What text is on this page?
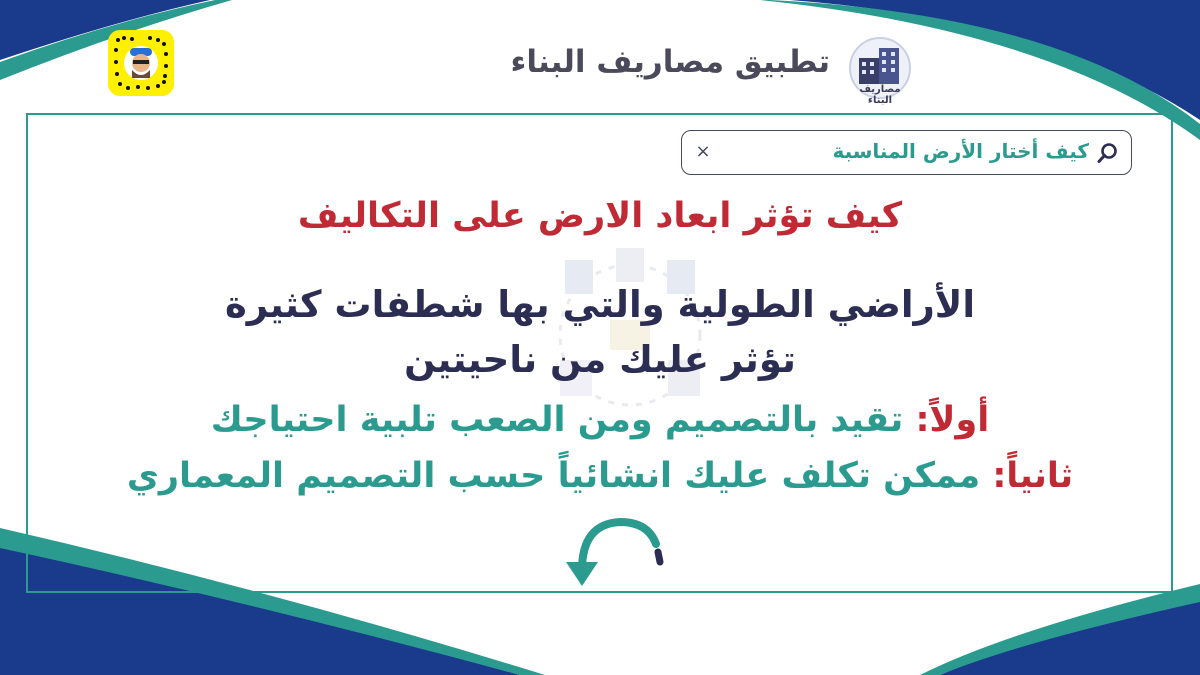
تطبيق مصاريف البناء
مصاريف البناء
كيف أختار الأرض المناسبة
×
كيف تؤثر ابعاد الارض على التكاليف
الأراضي الطولية والتي بها شطفات كثيرة
تؤثر عليك من ناحيتين
أولاً: تقيد بالتصميم ومن الصعب تلبية احتياجك
ثانياً: ممكن تكلف عليك انشائياً حسب التصميم المعماري
